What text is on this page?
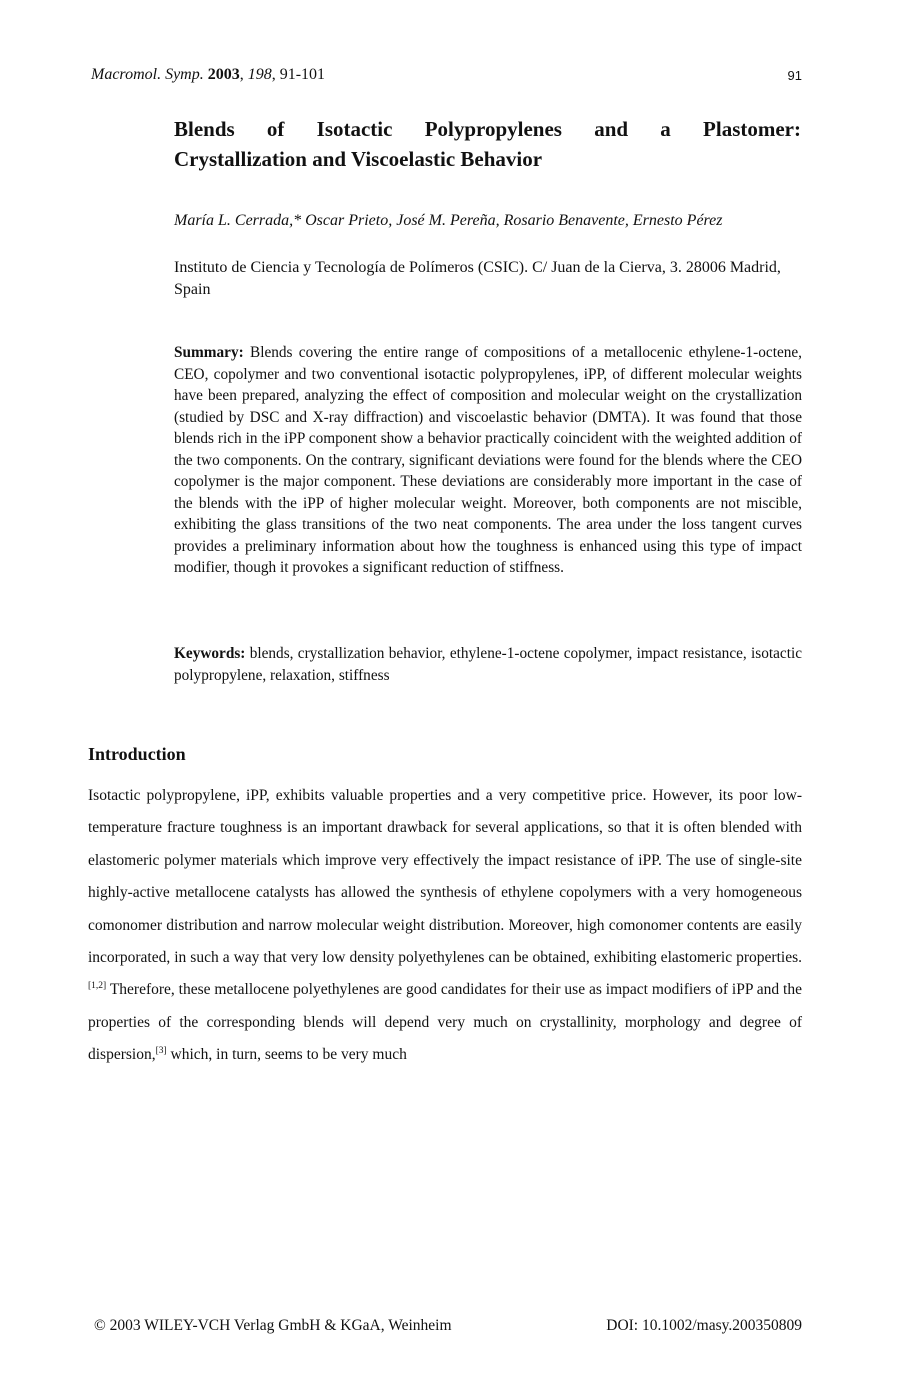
Macromol. Symp. 2003, 198, 91-101	91
Blends of Isotactic Polypropylenes and a Plastomer:
Crystallization and Viscoelastic Behavior
María L. Cerrada,* Oscar Prieto, José M. Pereña, Rosario Benavente, Ernesto Pérez
Instituto de Ciencia y Tecnología de Polímeros (CSIC). C/ Juan de la Cierva, 3. 28006 Madrid, Spain
Summary: Blends covering the entire range of compositions of a metallocenic ethylene-1-octene, CEO, copolymer and two conventional isotactic polypropylenes, iPP, of different molecular weights have been prepared, analyzing the effect of composition and molecular weight on the crystallization (studied by DSC and X-ray diffraction) and viscoelastic behavior (DMTA). It was found that those blends rich in the iPP component show a behavior practically coincident with the weighted addition of the two components. On the contrary, significant deviations were found for the blends where the CEO copolymer is the major component. These deviations are considerably more important in the case of the blends with the iPP of higher molecular weight. Moreover, both components are not miscible, exhibiting the glass transitions of the two neat components. The area under the loss tangent curves provides a preliminary information about how the toughness is enhanced using this type of impact modifier, though it provokes a significant reduction of stiffness.
Keywords: blends, crystallization behavior, ethylene-1-octene copolymer, impact resistance, isotactic polypropylene, relaxation, stiffness
Introduction
Isotactic polypropylene, iPP, exhibits valuable properties and a very competitive price. However, its poor low-temperature fracture toughness is an important drawback for several applications, so that it is often blended with elastomeric polymer materials which improve very effectively the impact resistance of iPP. The use of single-site highly-active metallocene catalysts has allowed the synthesis of ethylene copolymers with a very homogeneous comonomer distribution and narrow molecular weight distribution. Moreover, high comonomer contents are easily incorporated, in such a way that very low density polyethylenes can be obtained, exhibiting elastomeric properties.[1,2] Therefore, these metallocene polyethylenes are good candidates for their use as impact modifiers of iPP and the properties of the corresponding blends will depend very much on crystallinity, morphology and degree of dispersion,[3] which, in turn, seems to be very much
© 2003 WILEY-VCH Verlag GmbH & KGaA, Weinheim	DOI: 10.1002/masy.200350809
